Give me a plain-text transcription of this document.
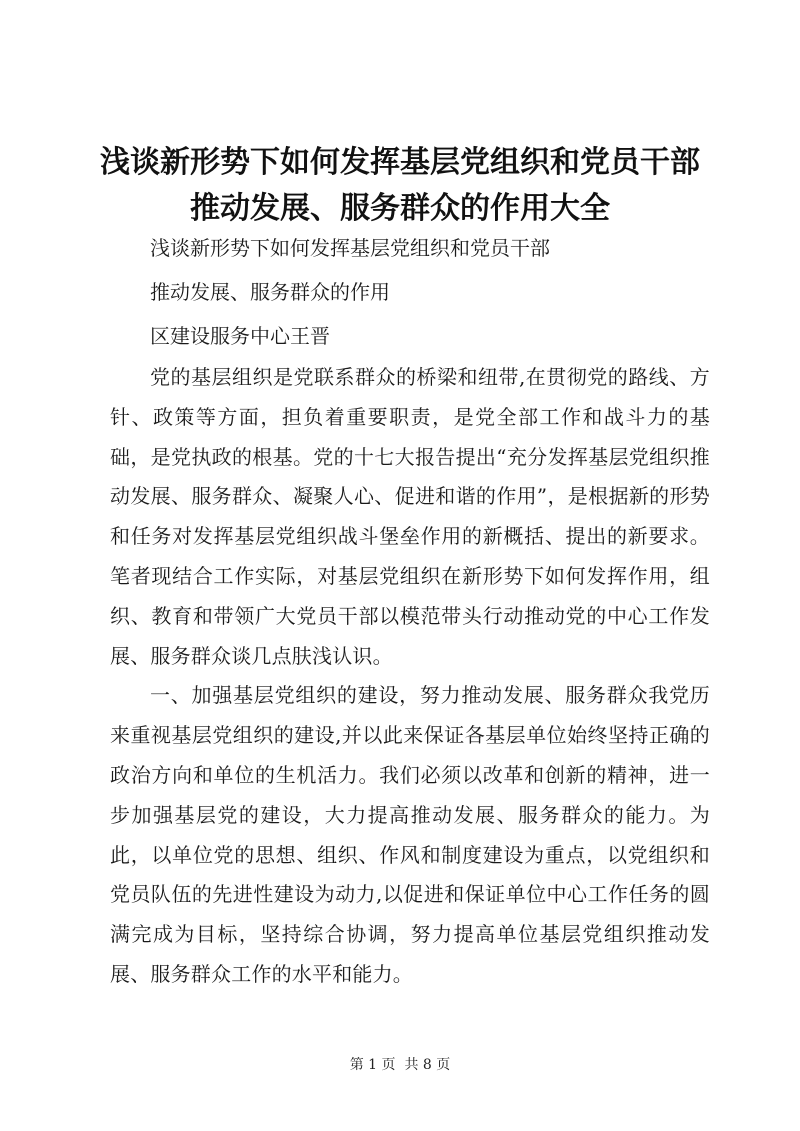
浅谈新形势下如何发挥基层党组织和党员干部
推动发展、服务群众的作用大全
浅谈新形势下如何发挥基层党组织和党员干部
推动发展、服务群众的作用
区建设服务中心王晋

党的基层组织是党联系群众的桥梁和纽带,在贯彻党的路线、方针、政策等方面，担负着重要职责，是党全部工作和战斗力的基础，是党执政的根基。党的十七大报告提出“充分发挥基层党组织推动发展、服务群众、凝聚人心、促进和谐的作用”，是根据新的形势和任务对发挥基层党组织战斗堡垒作用的新概括、提出的新要求。笔者现结合工作实际，对基层党组织在新形势下如何发挥作用，组织、教育和带领广大党员干部以模范带头行动推动党的中心工作发展、服务群众谈几点肤浅认识。

一、加强基层党组织的建设，努力推动发展、服务群众我党历来重视基层党组织的建设,并以此来保证各基层单位始终坚持正确的政治方向和单位的生机活力。我们必须以改革和创新的精神，进一步加强基层党的建设，大力提高推动发展、服务群众的能力。为此，以单位党的思想、组织、作风和制度建设为重点，以党组织和党员队伍的先进性建设为动力,以促进和保证单位中心工作任务的圆满完成为目标，坚持综合协调，努力提高单位基层党组织推动发展、服务群众工作的水平和能力。

第 1 页  共 8 页
